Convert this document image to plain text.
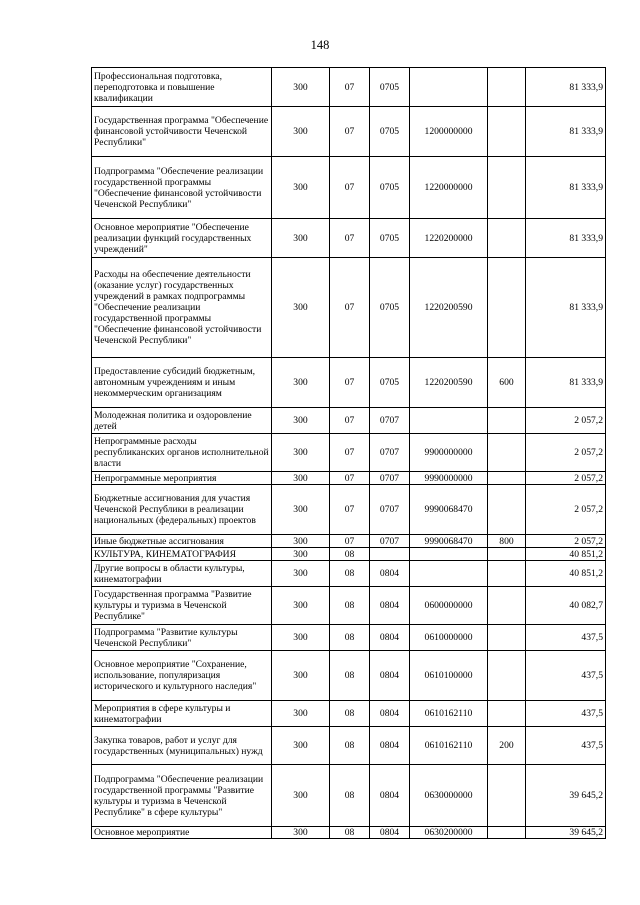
148
Профессиональная подготовка, переподготовка и повышение квалификации	300	07	0705			81 333,9
Государственная программа "Обеспечение финансовой устойчивости Чеченской Республики"	300	07	0705	1200000000		81 333,9
Подпрограмма "Обеспечение реализации государственной программы "Обеспечение финансовой устойчивости Чеченской Республики"	300	07	0705	1220000000		81 333,9
Основное мероприятие "Обеспечение реализации функций государственных учреждений"	300	07	0705	1220200000		81 333,9
Расходы на обеспечение деятельности (оказание услуг) государственных учреждений в рамках подпрограммы "Обеспечение реализации государственной программы "Обеспечение финансовой устойчивости Чеченской Республики"	300	07	0705	1220200590		81 333,9
Предоставление субсидий бюджетным, автономным учреждениям и иным некоммерческим организациям	300	07	0705	1220200590	600	81 333,9
Молодежная политика и оздоровление детей	300	07	0707			2 057,2
Непрограммные расходы республиканских органов исполнительной власти	300	07	0707	9900000000		2 057,2
Непрограммные мероприятия	300	07	0707	9990000000		2 057,2
Бюджетные ассигнования для участия Чеченской Республики в реализации национальных (федеральных) проектов	300	07	0707	9990068470		2 057,2
Иные бюджетные ассигнования	300	07	0707	9990068470	800	2 057,2
КУЛЬТУРА, КИНЕМАТОГРАФИЯ	300	08				40 851,2
Другие вопросы в области культуры, кинематографии	300	08	0804			40 851,2
Государственная программа "Развитие культуры и туризма в Чеченской Республике"	300	08	0804	0600000000		40 082,7
Подпрограмма "Развитие культуры Чеченской Республики"	300	08	0804	0610000000		437,5
Основное мероприятие "Сохранение, использование, популяризация исторического и культурного наследия"	300	08	0804	0610100000		437,5
Мероприятия в сфере культуры и кинематографии	300	08	0804	0610162110		437,5
Закупка товаров, работ и услуг для государственных (муниципальных) нужд	300	08	0804	0610162110	200	437,5
Подпрограмма "Обеспечение реализации государственной программы "Развитие культуры и туризма в Чеченской Республике" в сфере культуры"	300	08	0804	0630000000		39 645,2
Основное мероприятие	300	08	0804	0630200000		39 645,2
